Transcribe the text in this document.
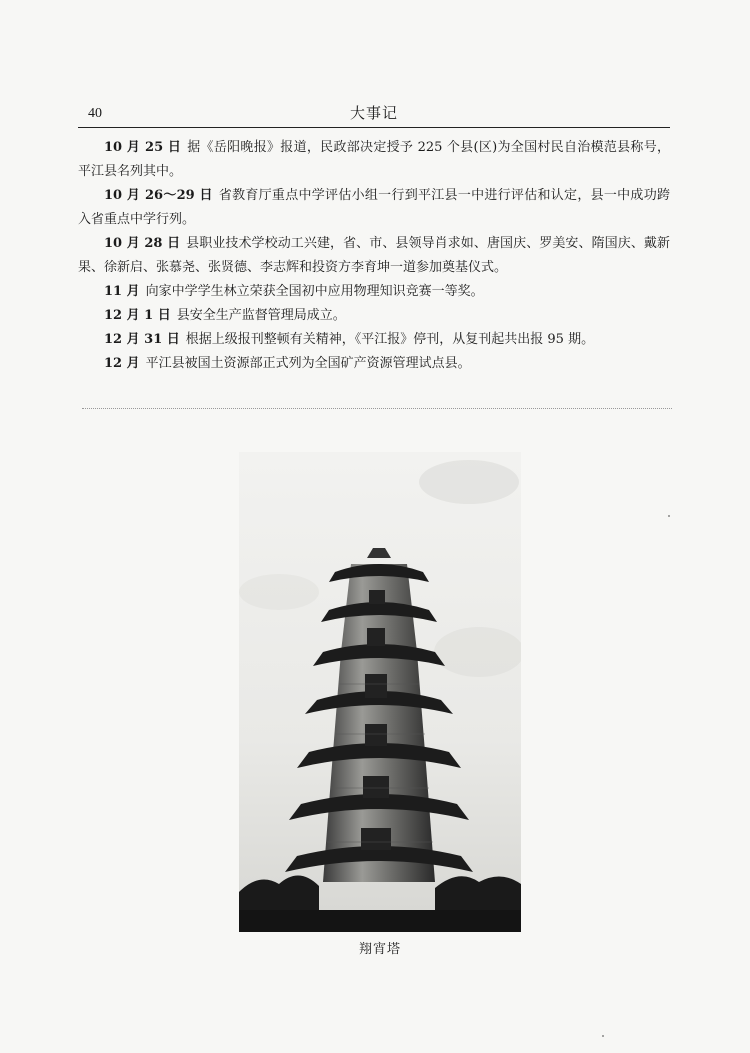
40	大事记

10 月 25 日 据《岳阳晚报》报道，民政部决定授予 225 个县(区)为全国村民自治模范县称号，平江县名列其中。

10 月 26～29 日 省教育厅重点中学评估小组一行到平江县一中进行评估和认定，县一中成功跨入省重点中学行列。

10 月 28 日 县职业技术学校动工兴建，省、市、县领导肖求如、唐国庆、罗美安、隋国庆、戴新果、徐新启、张慕尧、张贤德、李志辉和投资方李育坤一道参加奠基仪式。

11 月 向家中学学生林立荣获全国初中应用物理知识竞赛一等奖。

12 月 1 日 县安全生产监督管理局成立。

12 月 31 日 根据上级报刊整顿有关精神，《平江报》停刊，从复刊起共出报 95 期。

12 月 平江县被国土资源部正式列为全国矿产资源管理试点县。

翔宵塔
